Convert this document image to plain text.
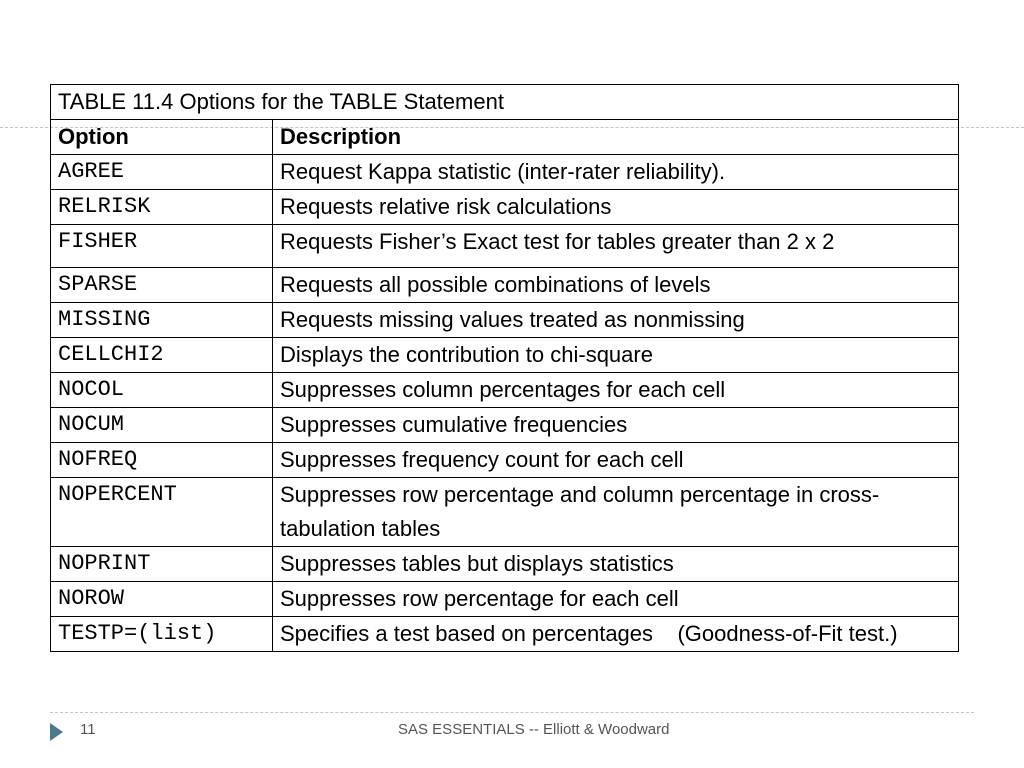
TABLE 11.4 Options for the TABLE Statement	
Option	Description
AGREE	Request Kappa statistic (inter-rater reliability).
RELRISK	Requests relative risk calculations
FISHER	Requests Fisher’s Exact test for tables greater than 2 x 2
SPARSE	Requests all possible combinations of levels
MISSING	Requests missing values treated as nonmissing
CELLCHI2	Displays the contribution to chi-square
NOCOL	Suppresses column percentages for each cell
NOCUM	Suppresses cumulative frequencies
NOFREQ	Suppresses frequency count for each cell
NOPERCENT	Suppresses row percentage and column percentage in cross-tabulation tables
NOPRINT	Suppresses tables but displays statistics
NOROW	Suppresses row percentage for each cell
TESTP=(list)	Specifies a test based on percentages    (Goodness-of-Fit test.)
11	SAS ESSENTIALS -- Elliott & Woodward
